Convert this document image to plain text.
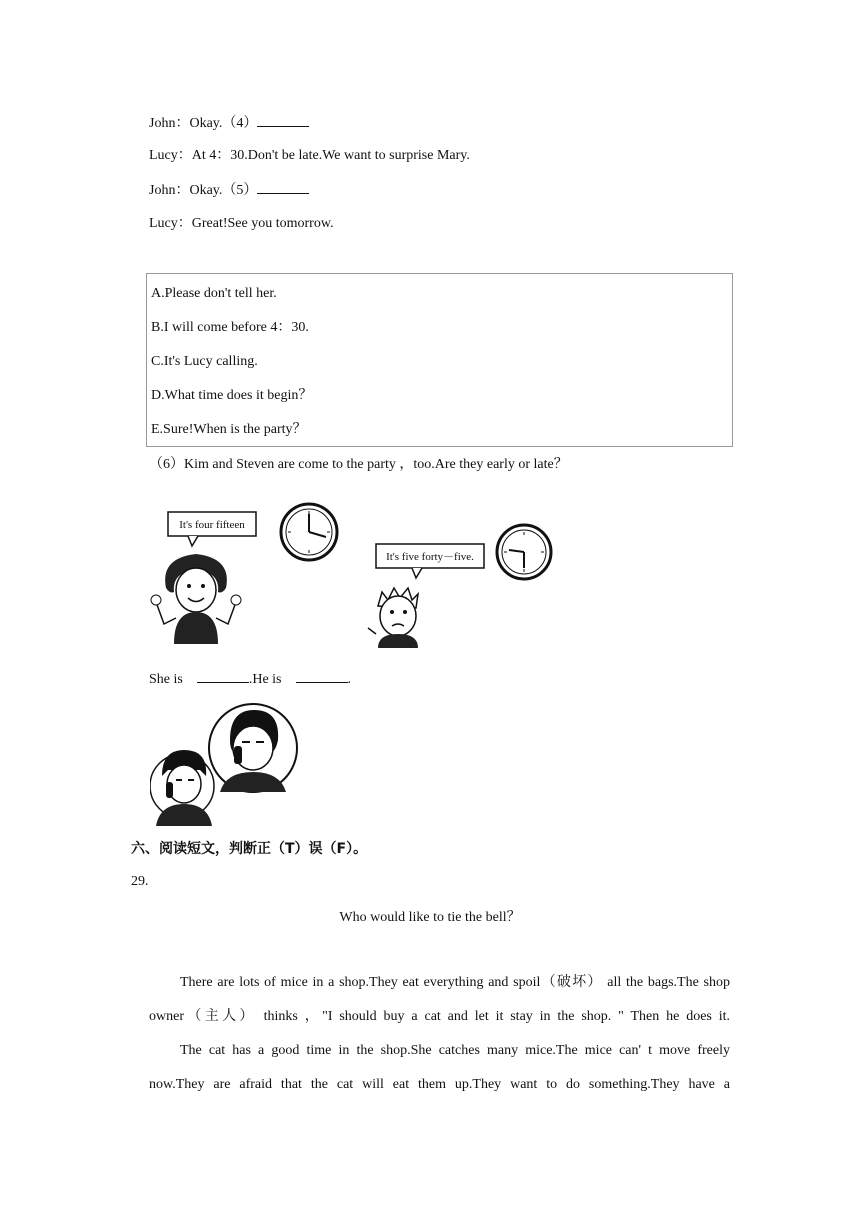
John：Okay.（4）
Lucy：At 4：30.Don't be late.We want to surprise Mary.
John：Okay.（5）
Lucy：Great!See you tomorrow.
A.Please don't tell her.
B.I will come before 4：30.
C.It's Lucy calling.
D.What time does it begin？
E.Sure!When is the party？
（6）Kim and Steven are come to the party ，too.Are they early or late？
It's four fifteen
It's five forty－five.
She is	.He is	.
六、阅读短文，判断正（T）误（F）。
29.
Who would like to tie the bell？
There are lots of mice in a shop.They eat everything and spoil（破坏） all the bags.The shop owner（主人） thinks ，"I should buy a cat and let it stay in the shop. " Then he does it.
The cat has a good time in the shop.She catches many mice.The mice can' t move freely now.They are afraid that the cat will eat them up.They want to do something.They have a
